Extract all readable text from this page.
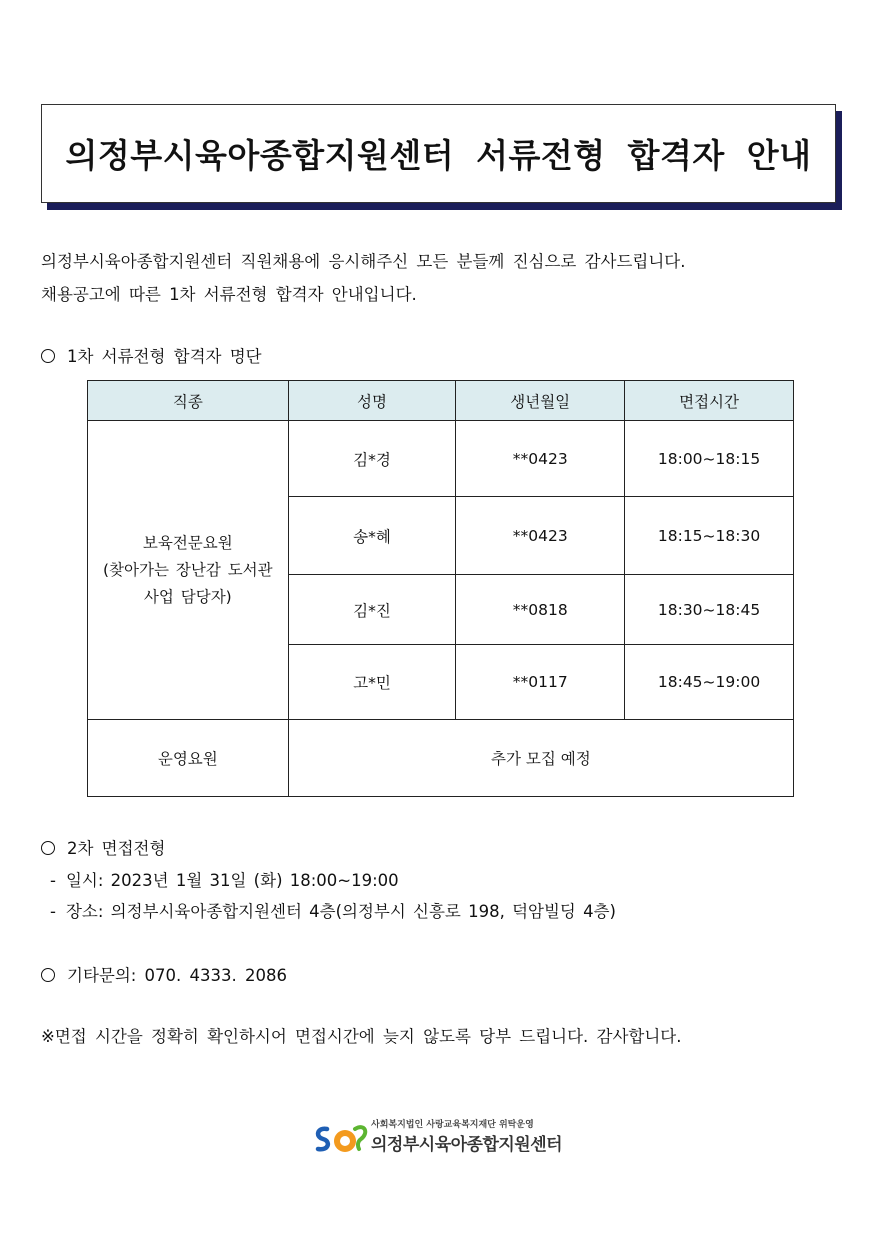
의정부시육아종합지원센터 서류전형 합격자 안내
의정부시육아종합지원센터 직원채용에 응시해주신 모든 분들께 진심으로 감사드립니다.
채용공고에 따른 1차 서류전형 합격자 안내입니다.
1차 서류전형 합격자 명단
직종	성명	생년월일	면접시간

보육전문요원
(찾아가는 장난감 도서관
사업 담당자)	김*경	**0423	18:00~18:15
	송*혜	**0423	18:15~18:30
	김*진	**0818	18:30~18:45
	고*민	**0117	18:45~19:00
운영요원	추가 모집 예정		
2차 면접전형
- 일시: 2023년 1월 31일 (화) 18:00~19:00
- 장소: 의정부시육아종합지원센터 4층(의정부시 신흥로 198, 덕암빌딩 4층)
기타문의: 070. 4333. 2086
※면접 시간을 정확히 확인하시어 면접시간에 늦지 않도록 당부 드립니다. 감사합니다.
사회복지법인 사랑교육복지재단 위탁운영
의정부시육아종합지원센터
